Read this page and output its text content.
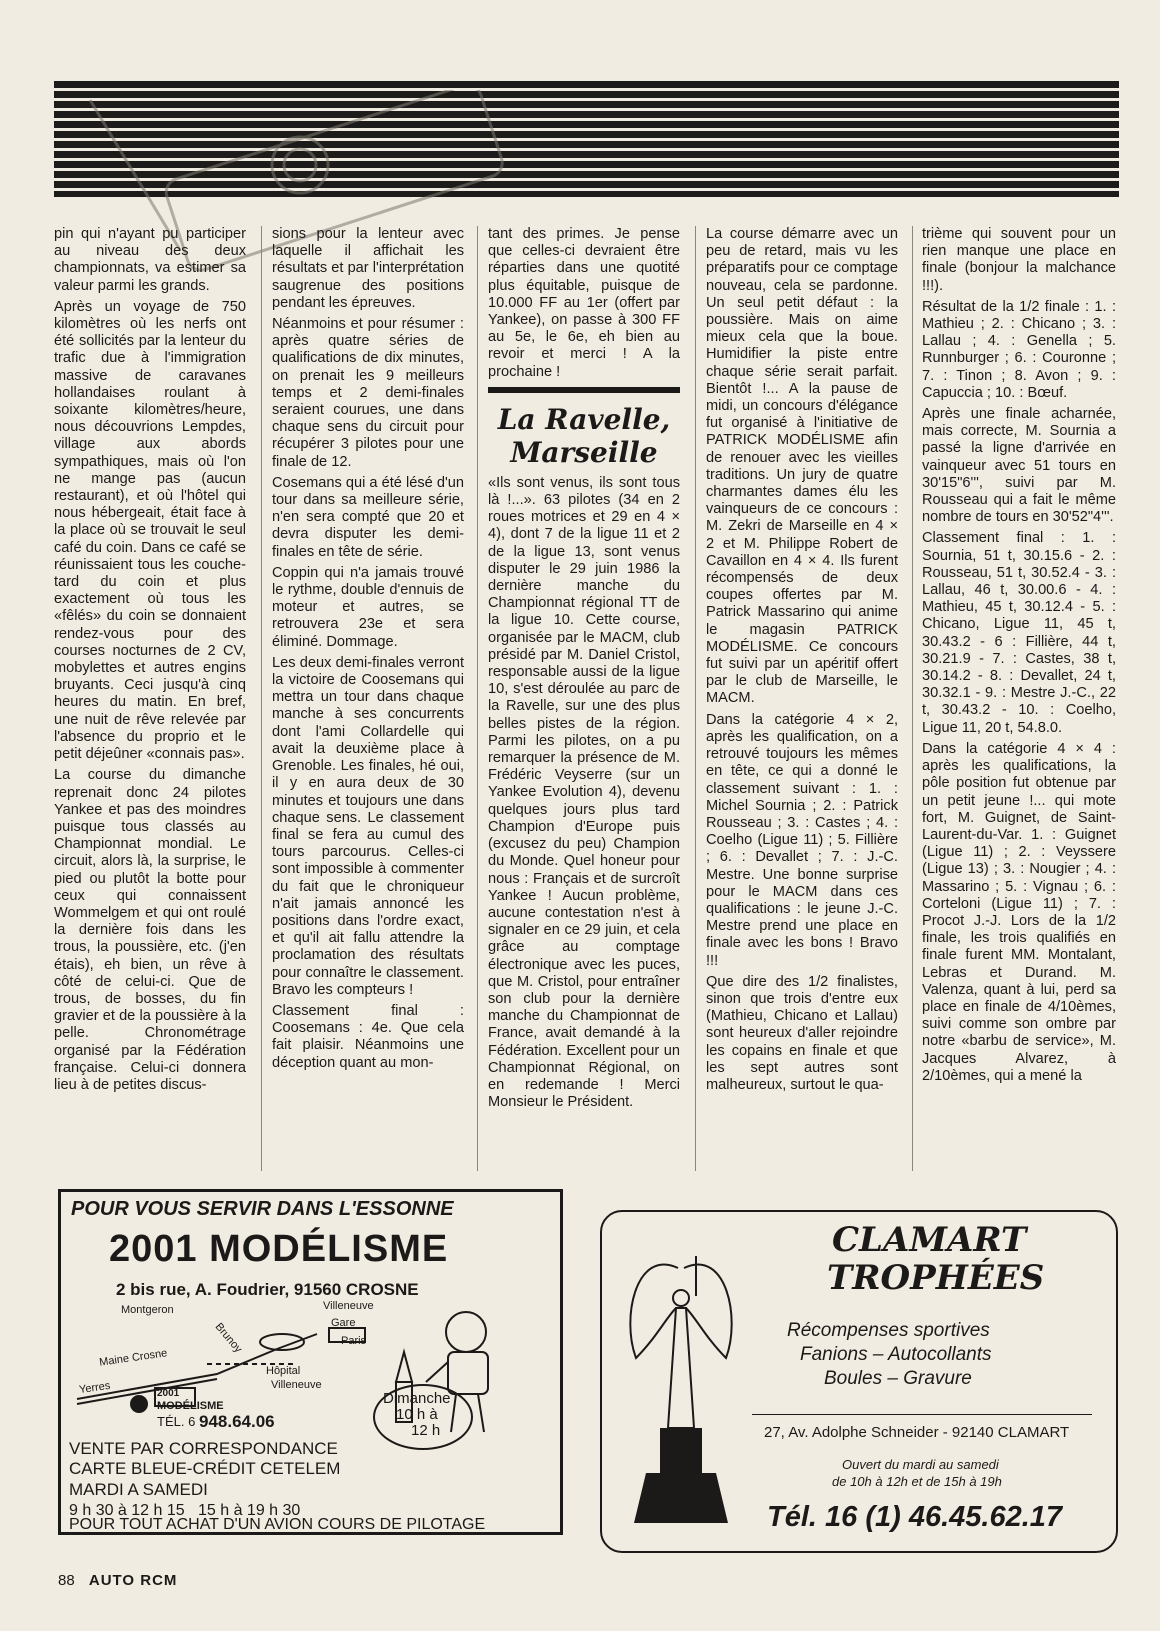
pin qui n'ayant pu participer au niveau des deux championnats, va estimer sa valeur parmi les grands.

Après un voyage de 750 kilomètres où les nerfs ont été sollicités par la lenteur du trafic due à l'immigration massive de caravanes hollandaises roulant à soixante kilomètres/heure, nous découvrions Lempdes, village aux abords sympathiques, mais où l'on ne mange pas (aucun restaurant), et où l'hôtel qui nous hébergeait, était face à la place où se trouvait le seul café du coin. Dans ce café se réunissaient tous les couche-tard du coin et plus exactement où tous les «fêlés» du coin se donnaient rendez-vous pour des courses nocturnes de 2 CV, mobylettes et autres engins bruyants. Ceci jusqu'à cinq heures du matin. En bref, une nuit de rêve relevée par l'absence du proprio et le petit déjeûner «connais pas».

La course du dimanche reprenait donc 24 pilotes Yankee et pas des moindres puisque tous classés au Championnat mondial. Le circuit, alors là, la surprise, le pied ou plutôt la botte pour ceux qui connaissent Wommelgem et qui ont roulé la dernière fois dans les trous, la poussière, etc. (j'en étais), eh bien, un rêve à côté de celui-ci. Que de trous, de bosses, du fin gravier et de la poussière à la pelle. Chronométrage organisé par la Fédération française. Celui-ci donnera lieu à de petites discus-

sions pour la lenteur avec laquelle il affichait les résultats et par l'interprétation saugrenue des positions pendant les épreuves.

Néanmoins et pour résumer : après quatre séries de qualifications de dix minutes, on prenait les 9 meilleurs temps et 2 demi-finales seraient courues, une dans chaque sens du circuit pour récupérer 3 pilotes pour une finale de 12.

Cosemans qui a été lésé d'un tour dans sa meilleure série, n'en sera compté que 20 et devra disputer les demi-finales en tête de série.

Coppin qui n'a jamais trouvé le rythme, double d'ennuis de moteur et autres, se retrouvera 23e et sera éliminé. Dommage.

Les deux demi-finales verront la victoire de Coosemans qui mettra un tour dans chaque manche à ses concurrents dont l'ami Collardelle qui avait la deuxième place à Grenoble. Les finales, hé oui, il y en aura deux de 30 minutes et toujours une dans chaque sens. Le classement final se fera au cumul des tours parcourus. Celles-ci sont impossible à commenter du fait que le chroniqueur n'ait jamais annoncé les positions dans l'ordre exact, et qu'il ait fallu attendre la proclamation des résultats pour connaître le classement. Bravo les compteurs !

Classement final : Coosemans : 4e. Que cela fait plaisir. Néanmoins une déception quant au mon-

tant des primes. Je pense que celles-ci devraient être réparties dans une quotité plus équitable, puisque de 10.000 FF au 1er (offert par Yankee), on passe à 300 FF au 5e, le 6e, eh bien au revoir et merci ! A la prochaine !

La Ravelle,
Marseille

«Ils sont venus, ils sont tous là !...». 63 pilotes (34 en 2 roues motrices et 29 en 4 × 4), dont 7 de la ligue 11 et 2 de la ligue 13, sont venus disputer le 29 juin 1986 la dernière manche du Championnat régional TT de la ligue 10. Cette course, organisée par le MACM, club présidé par M. Daniel Cristol, responsable aussi de la ligue 10, s'est déroulée au parc de la Ravelle, sur une des plus belles pistes de la région. Parmi les pilotes, on a pu remarquer la présence de M. Frédéric Veyserre (sur un Yankee Evolution 4), devenu quelques jours plus tard Champion d'Europe puis (excusez du peu) Champion du Monde. Quel honeur pour nous : Français et de surcroît Yankee ! Aucun problème, aucune contestation n'est à signaler en ce 29 juin, et cela grâce au comptage électronique avec les puces, que M. Cristol, pour entraîner son club pour la dernière manche du Championnat de France, avait demandé à la Fédération. Excellent pour un Championnat Régional, on en redemande ! Merci Monsieur le Président.

La course démarre avec un peu de retard, mais vu les préparatifs pour ce comptage nouveau, cela se pardonne. Un seul petit défaut : la poussière. Mais on aime mieux cela que la boue. Humidifier la piste entre chaque série serait parfait. Bientôt !... A la pause de midi, un concours d'élégance fut organisé à l'initiative de PATRICK MODÉLISME afin de renouer avec les vieilles traditions. Un jury de quatre charmantes dames élu les vainqueurs de ce concours : M. Zekri de Marseille en 4 × 2 et M. Philippe Robert de Cavaillon en 4 × 4. Ils furent récompensés de deux coupes offertes par M. Patrick Massarino qui anime le magasin PATRICK MODÉLISME. Ce concours fut suivi par un apéritif offert par le club de Marseille, le MACM.

Dans la catégorie 4 × 2, après les qualification, on a retrouvé toujours les mêmes en tête, ce qui a donné le classement suivant : 1. : Michel Sournia ; 2. : Patrick Rousseau ; 3. : Castes ; 4. : Coelho (Ligue 11) ; 5. Fillière ; 6. : Devallet ; 7. : J.-C. Mestre. Une bonne surprise pour le MACM dans ces qualifications : le jeune J.-C. Mestre prend une place en finale avec les bons ! Bravo !!!

Que dire des 1/2 finalistes, sinon que trois d'entre eux (Mathieu, Chicano et Lallau) sont heureux d'aller rejoindre les copains en finale et que les sept autres sont malheureux, surtout le qua-

trième qui souvent pour un rien manque une place en finale (bonjour la malchance !!!).

Résultat de la 1/2 finale : 1. : Mathieu ; 2. : Chicano ; 3. : Lallau ; 4. : Genella ; 5. Runnburger ; 6. : Couronne ; 7. : Tinon ; 8. Avon ; 9. : Capuccia ; 10. : Bœuf.

Après une finale acharnée, mais correcte, M. Sournia a passé la ligne d'arrivée en vainqueur avec 51 tours en 30'15"6''', suivi par M. Rousseau qui a fait le même nombre de tours en 30'52"4'''.

Classement final : 1. : Sournia, 51 t, 30.15.6 - 2. : Rousseau, 51 t, 30.52.4 - 3. : Lallau, 46 t, 30.00.6 - 4. : Mathieu, 45 t, 30.12.4 - 5. : Chicano, Ligue 11, 45 t, 30.43.2 - 6 : Fillière, 44 t, 30.21.9 - 7. : Castes, 38 t, 30.14.2 - 8. : Devallet, 24 t, 30.32.1 - 9. : Mestre J.-C., 22 t, 30.43.2 - 10. : Coelho, Ligue 11, 20 t, 54.8.0.

Dans la catégorie 4 × 4 : après les qualifications, la pôle position fut obtenue par un petit jeune !... qui mote fort, M. Guignet, de Saint-Laurent-du-Var. 1. : Guignet (Ligue 11) ; 2. : Veyssere (Ligue 13) ; 3. : Nougier ; 4. : Massarino ; 5. : Vignau ; 6. : Corteloni (Ligue 11) ; 7. : Procot J.-J. Lors de la 1/2 finale, les trois qualifiés en finale furent MM. Montalant, Lebras et Durand. M. Valenza, quant à lui, perd sa place en finale de 4/10èmes, suivi comme son ombre par notre «barbu de service», M. Jacques Alvarez, à 2/10èmes, qui a mené la

POUR VOUS SERVIR DANS L'ESSONNE
2001 MODÉLISME
2 bis rue, A. Foudrier, 91560 CROSNE
Montgeron	Villeneuve
Gare
Paris
Brunoy
Maine Crosne
Hôpital
Villeneuve
Yerres	2001
MODÉLISME
TÉL. 6 948.64.06
Dimanche
10 h à
12 h
VENTE PAR CORRESPONDANCE
CARTE BLEUE-CRÉDIT CETELEM
MARDI A SAMEDI
9 h 30 à 12 h 15   15 h à 19 h 30
POUR TOUT ACHAT D'UN AVION COURS DE PILOTAGE
CLAMART
TROPHÉES
Récompenses sportives
Fanions – Autocollants
Boules – Gravure
27, Av. Adolphe Schneider - 92140 CLAMART
Ouvert du mardi au samedi
de 10h à 12h et de 15h à 19h
Tél. 16 (1) 46.45.62.17
88 AUTO RCM
